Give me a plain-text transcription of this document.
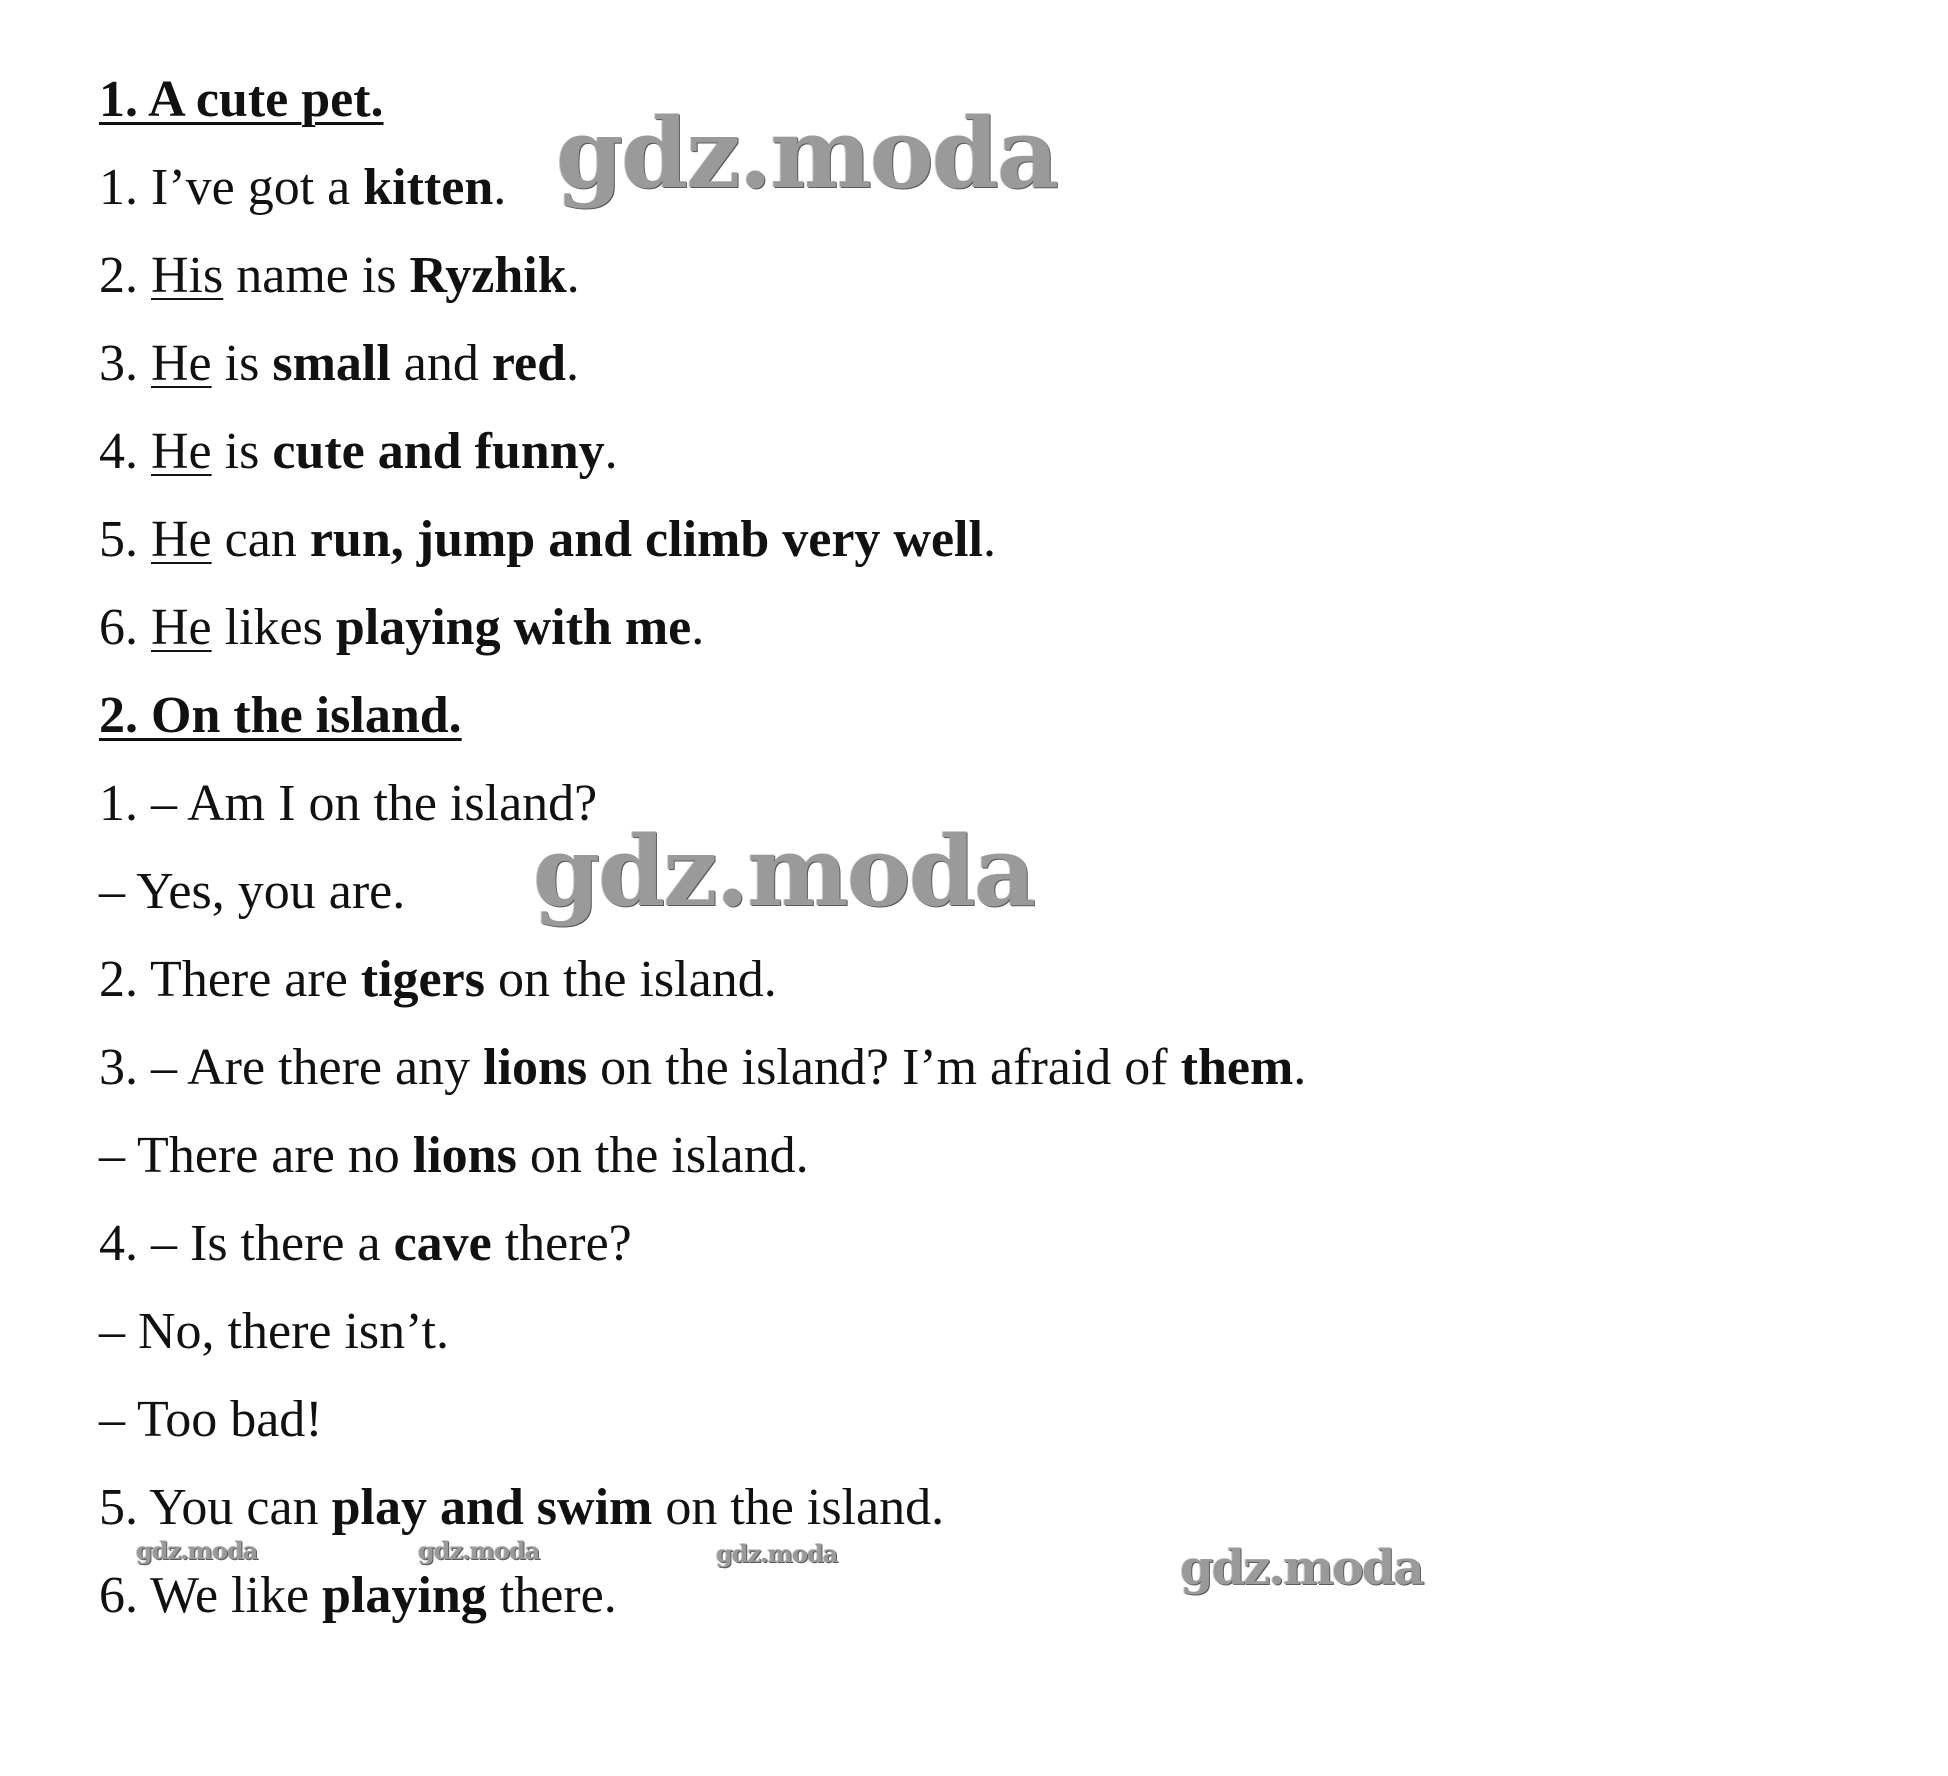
1. A cute pet.
1. I’ve got a kitten.
2. His name is Ryzhik.
3. He is small and red.
4. He is cute and funny.
5. He can run, jump and climb very well.
6. He likes playing with me.
2. On the island.
1. – Am I on the island?
– Yes, you are.
2. There are tigers on the island.
3. – Are there any lions on the island? I’m afraid of them.
– There are no lions on the island.
4. – Is there a cave there?
– No, there isn’t.
– Too bad!
5. You can play and swim on the island.
6. We like playing there.
gdz.moda
gdz.moda
gdz.moda	gdz.moda	gdz.moda	gdz.moda
